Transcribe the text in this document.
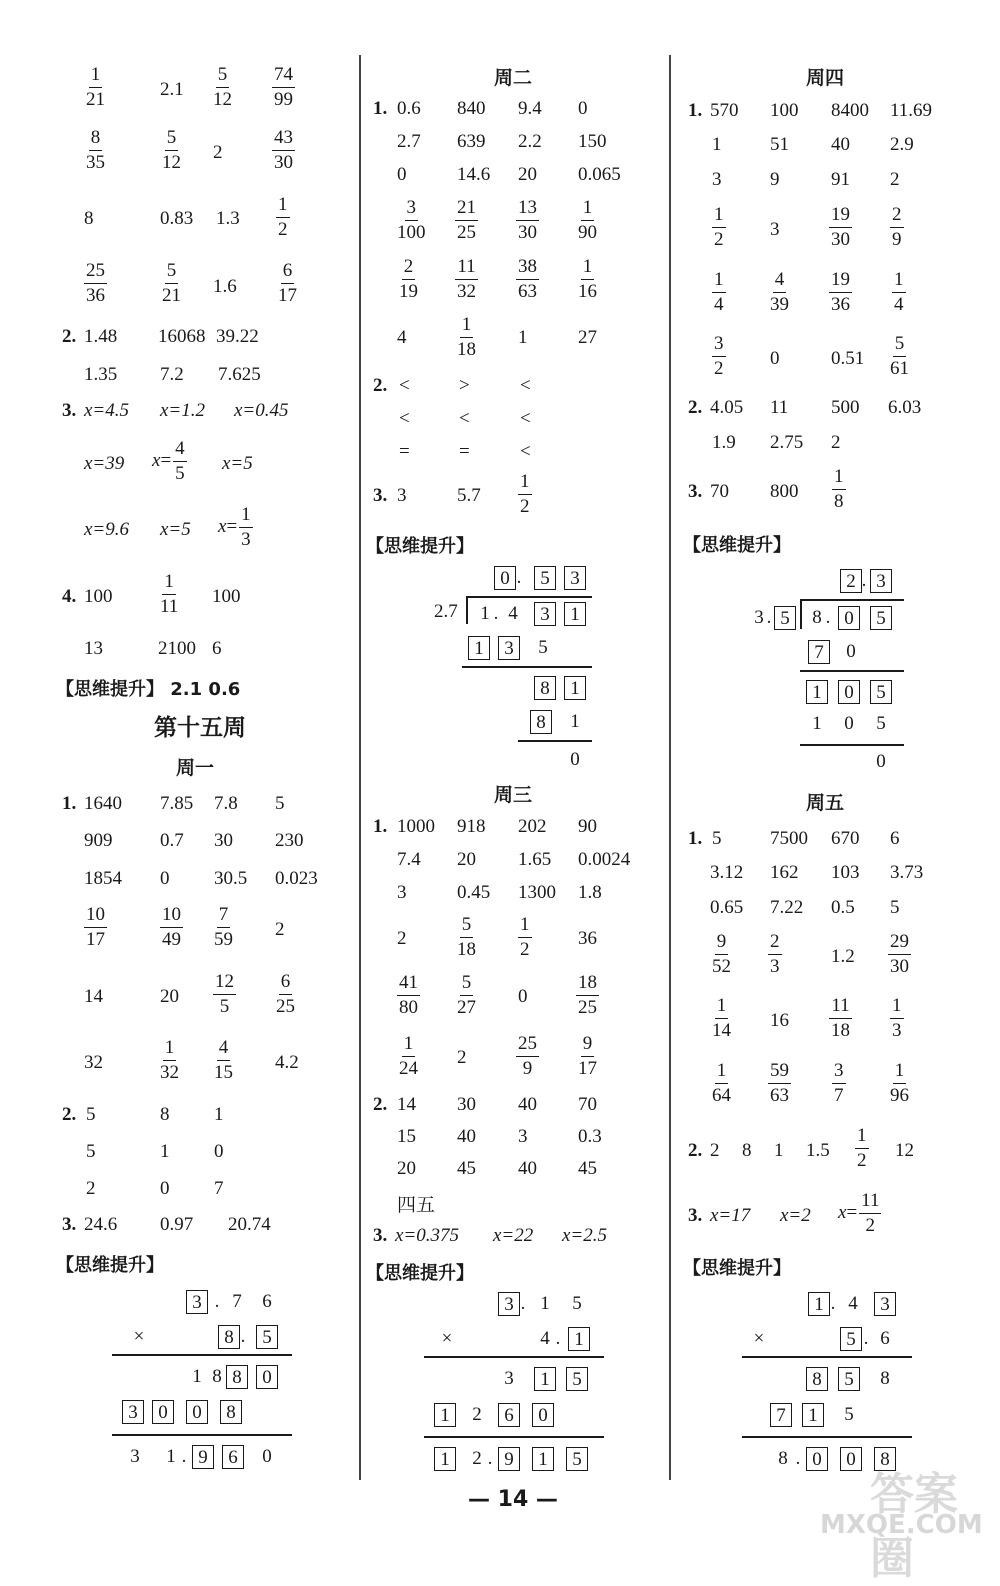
$\frac{1}{21}$	$2.1 \frac{5}{12} \frac{74}{99}$
$\frac{8}{35}$	$\frac{5}{12} 2$	$\frac{43}{30}$
8	0.83 $1.3 \frac{1}{2}$
$\frac{25}{36}$	$\frac{5}{21} 1.6 \frac{6}{17}$
2. 1.48 16068 39.22
1.35 7.2 7.625
3. x=4.5 x=1.2 x=0.45
x=39 $x = \frac{4}{5} x=5$
x=9.6 x=5 $x = \frac{1}{3}$
4. $100 \frac{1}{11} 100$
13	2100 6
【思维提升】 2.1 0.6
第十五周
周一
1. 1640 7.85 7.8 5
909	0.7 30 230
1854 0 30.5 0.023
$\frac{10}{17}$	$\frac{10}{49} \frac{7}{59} 2$
14	$20 \frac{12}{5} \frac{6}{25}$
32	$\frac{1}{32} \frac{4}{15} 4.2$
2. 5	8 1
5	1 0
2	0 7
3. 24.6 0.97 20.74
【思维提升】
3 . 7	6
×	8 . 5
1 8 8	0
3	0	0	8
3	1 . 9	6	0
周二
1. 0.6 840 9.4 0
2.7 639 2.2 150
0	14.6 20 0.065
$\frac{3}{100} \frac{21}{25} \frac{13}{30} \frac{1}{90}$
$\frac{2}{19} \frac{11}{32} \frac{38}{63} \frac{1}{16}$
4	$\frac{1}{18} 1$	27
2. <	>	<
<	<	<
=	=	<
3. 3	$5.7 \frac{1}{2}$
【思维提升】
周三
1. 1000 918 202 90
7.4 20 1.65 0.0024
3	0.45 1300 1.8
2	$\frac{5}{18} \frac{1}{2} 36$
$\frac{41}{80} \frac{5}{27} 0$	$\frac{18}{25}$
$\frac{1}{24} 2$	$\frac{25}{9} \frac{9}{17}$
2. 14 30 40 70
15 40 3	0.3
20 45 40 45
四五
3. x=0.375 x=22 x=2.5
【思维提升】
0 . 5	3
2.7	1 . 4	3	1
1	3	5
8	1
8	1
0
3 . 1	5
×	4 . 1
3	1	5
1	2	6	0
1	2 . 9	1	5
周四
1. 570 100 8400 11.69
1	51 40 2.9
3	9	91 2
$\frac{1}{2} 3$	$\frac{19}{30} \frac{2}{9}$
$\frac{1}{4} \frac{4}{39} \frac{19}{36} \frac{1}{4}$
$\frac{3}{2} 0$	$0.51 \frac{5}{61}$
2. 4.05 11 500 6.03
1.9 2.75 2
3. 70 $800 \frac{1}{8}$
【思维提升】
周五
1. 5	7500 670 6
3.12 162 103 3.73
0.65 7.22 0.5 5
$\frac{9}{52} \frac{2}{3}$	$1.2 \frac{29}{30}$
$\frac{1}{14} 16 \frac{11}{18} \frac{1}{3}$
$\frac{1}{64} \frac{59}{63} \frac{3}{7} \frac{1}{96}$
2. 2 8 1 $1.5 \frac{1}{2} 12$
3. x=17 x=2 $x = \frac{11}{2}$
【思维提升】
2 . 3
3 . 5	8 . 0	5
7	0
1	0	5
1	0	5
0
1 . 4	3
×	5 . 6
8	5	8
7	1	5
8 . 0	0	8
— 14 —	答案圈
MXQE.COM
